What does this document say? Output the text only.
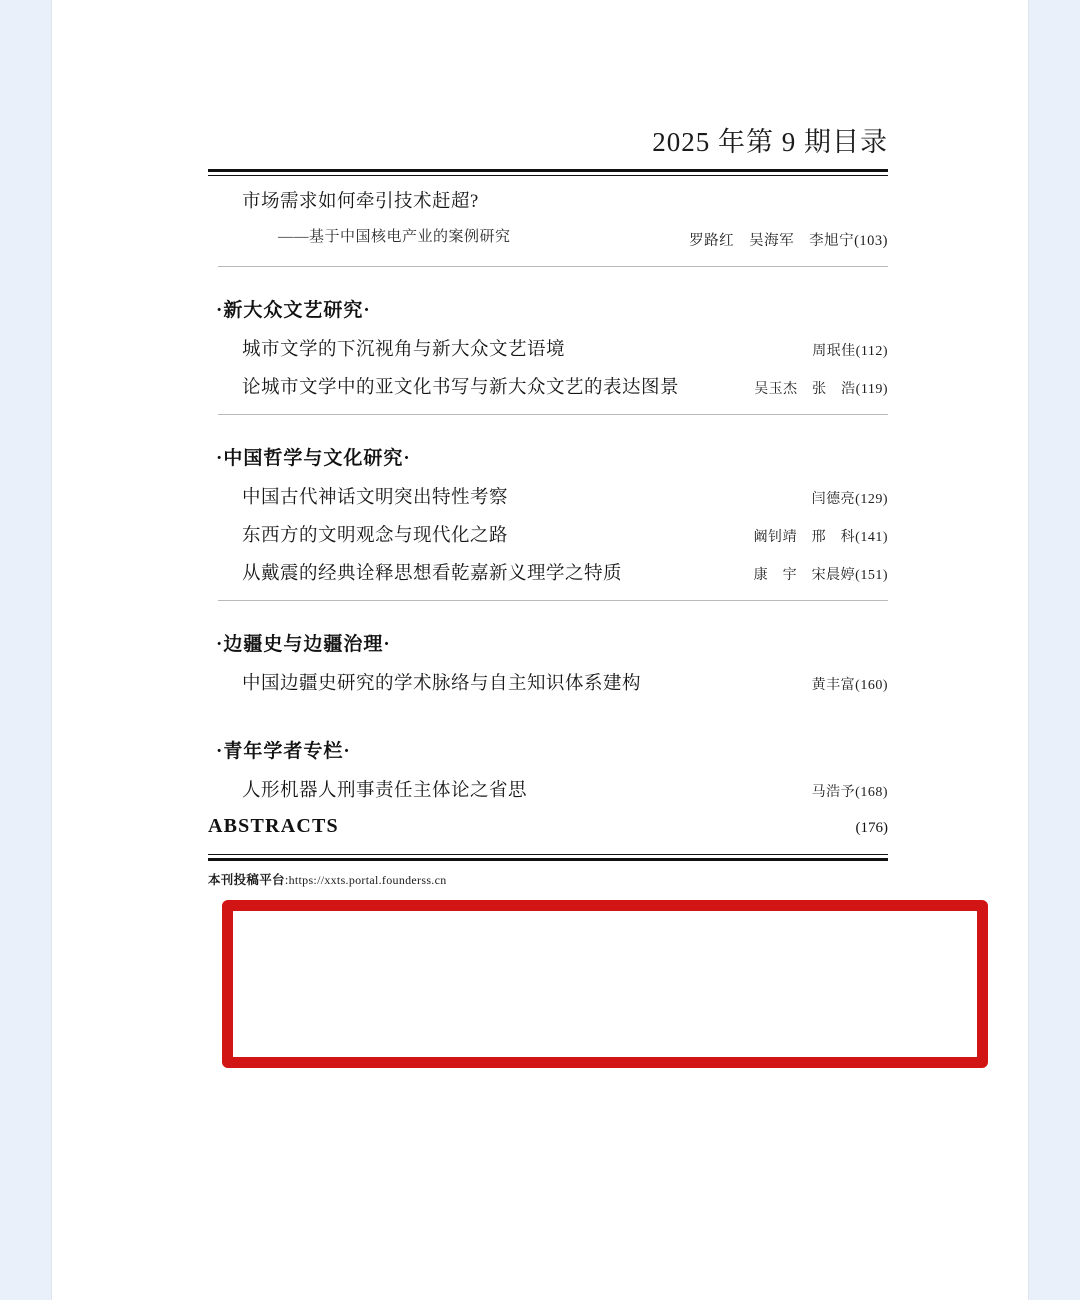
2025 年第 9 期目录
市场需求如何牵引技术赶超?
——基于中国核电产业的案例研究	罗路红　吴海军　李旭宁(103)
·新大众文艺研究·
城市文学的下沉视角与新大众文艺语境	周珉佳(112)
论城市文学中的亚文化书写与新大众文艺的表达图景	吴玉杰　张　浩(119)
·中国哲学与文化研究·
中国古代神话文明突出特性考察	闫德亮(129)
东西方的文明观念与现代化之路	阚钊靖　邢　科(141)
从戴震的经典诠释思想看乾嘉新义理学之特质	康　宇　宋晨婷(151)
·边疆史与边疆治理·
中国边疆史研究的学术脉络与自主知识体系建构	黄丰富(160)
·青年学者专栏·
人形机器人刑事责任主体论之省思	马浩予(168)
ABSTRACTS	(176)
本刊投稿平台:https://xxts.portal.founderss.cn
